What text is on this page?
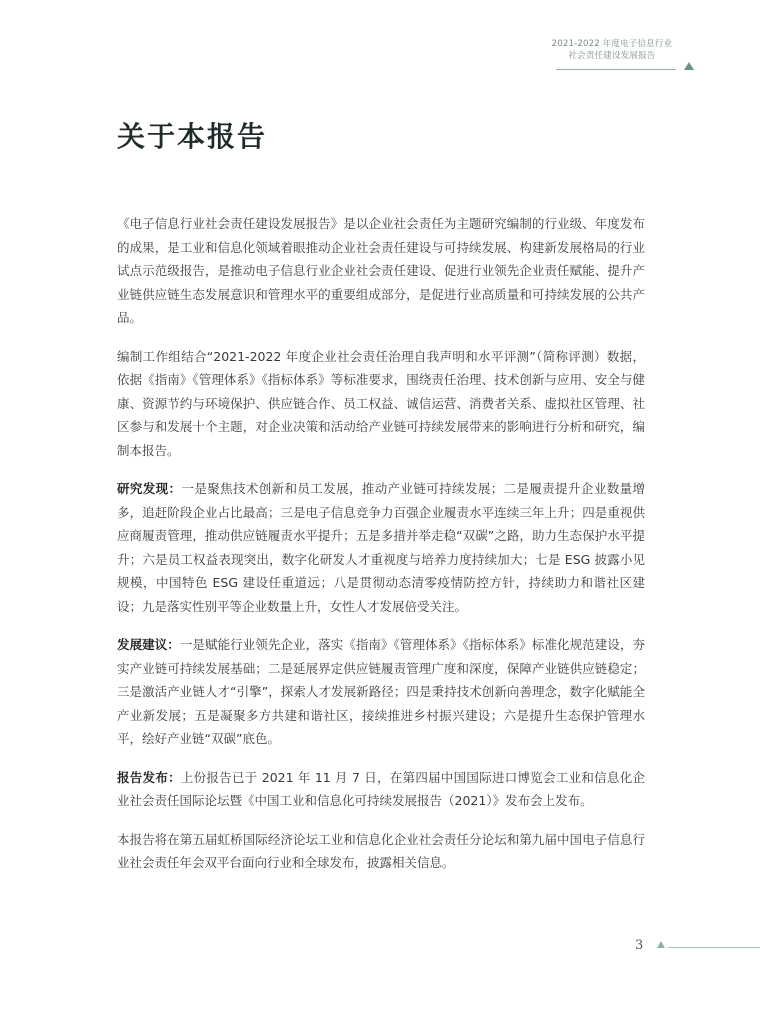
2021-2022 年度电子信息行业
社会责任建设发展报告
关于本报告

《电子信息行业社会责任建设发展报告》是以企业社会责任为主题研究编制的行业级、年度发布的成果，是工业和信息化领域着眼推动企业社会责任建设与可持续发展、构建新发展格局的行业试点示范级报告，是推动电子信息行业企业社会责任建设、促进行业领先企业责任赋能、提升产业链供应链生态发展意识和管理水平的重要组成部分，是促进行业高质量和可持续发展的公共产品。

编制工作组结合“2021-2022 年度企业社会责任治理自我声明和水平评测”（简称评测）数据，依据《指南》《管理体系》《指标体系》等标准要求，围绕责任治理、技术创新与应用、安全与健康、资源节约与环境保护、供应链合作、员工权益、诚信运营、消费者关系、虚拟社区管理、社区参与和发展十个主题，对企业决策和活动给产业链可持续发展带来的影响进行分析和研究，编制本报告。

研究发现：一是聚焦技术创新和员工发展，推动产业链可持续发展；二是履责提升企业数量增多，追赶阶段企业占比最高；三是电子信息竞争力百强企业履责水平连续三年上升；四是重视供应商履责管理，推动供应链履责水平提升；五是多措并举走稳“双碳”之路，助力生态保护水平提升；六是员工权益表现突出，数字化研发人才重视度与培养力度持续加大；七是 ESG 披露小见规模，中国特色 ESG 建设任重道远；八是贯彻动态清零疫情防控方针，持续助力和谐社区建设；九是落实性别平等企业数量上升，女性人才发展倍受关注。

发展建议：一是赋能行业领先企业，落实《指南》《管理体系》《指标体系》标准化规范建设，夯实产业链可持续发展基础；二是延展界定供应链履责管理广度和深度，保障产业链供应链稳定；三是激活产业链人才“引擎”，探索人才发展新路径；四是秉持技术创新向善理念，数字化赋能全产业新发展；五是凝聚多方共建和谐社区，接续推进乡村振兴建设；六是提升生态保护管理水平，绘好产业链“双碳”底色。

报告发布：上份报告已于 2021 年 11 月 7 日，在第四届中国国际进口博览会工业和信息化企业社会责任国际论坛暨《中国工业和信息化可持续发展报告（2021）》发布会上发布。

本报告将在第五届虹桥国际经济论坛工业和信息化企业社会责任分论坛和第九届中国电子信息行业社会责任年会双平台面向行业和全球发布，披露相关信息。

3
